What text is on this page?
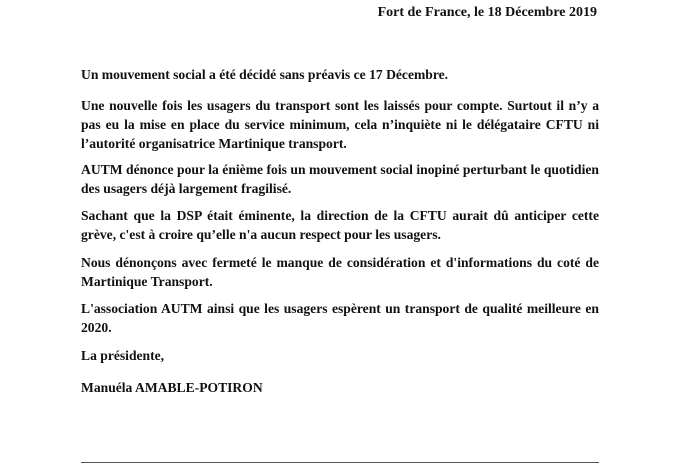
Fort de France, le 18 Décembre 2019
Un mouvement social a été décidé sans préavis ce 17 Décembre.
Une nouvelle fois les usagers du transport sont les laissés pour compte. Surtout il n’y a pas eu la mise en place du service minimum, cela n’inquiète ni le délégataire CFTU ni l’autorité organisatrice Martinique transport.
AUTM dénonce pour la énième fois un mouvement social inopiné perturbant le quotidien des usagers déjà largement fragilisé.
Sachant que la DSP était éminente, la direction de la CFTU aurait dû anticiper cette grève, c'est à croire qu’elle n'a aucun respect pour les usagers.
Nous dénonçons avec fermeté le manque de considération et d'informations du coté de Martinique Transport.
L'association AUTM ainsi que les usagers espèrent un transport de qualité meilleure en 2020.
La présidente,
Manuéla AMABLE-POTIRON
